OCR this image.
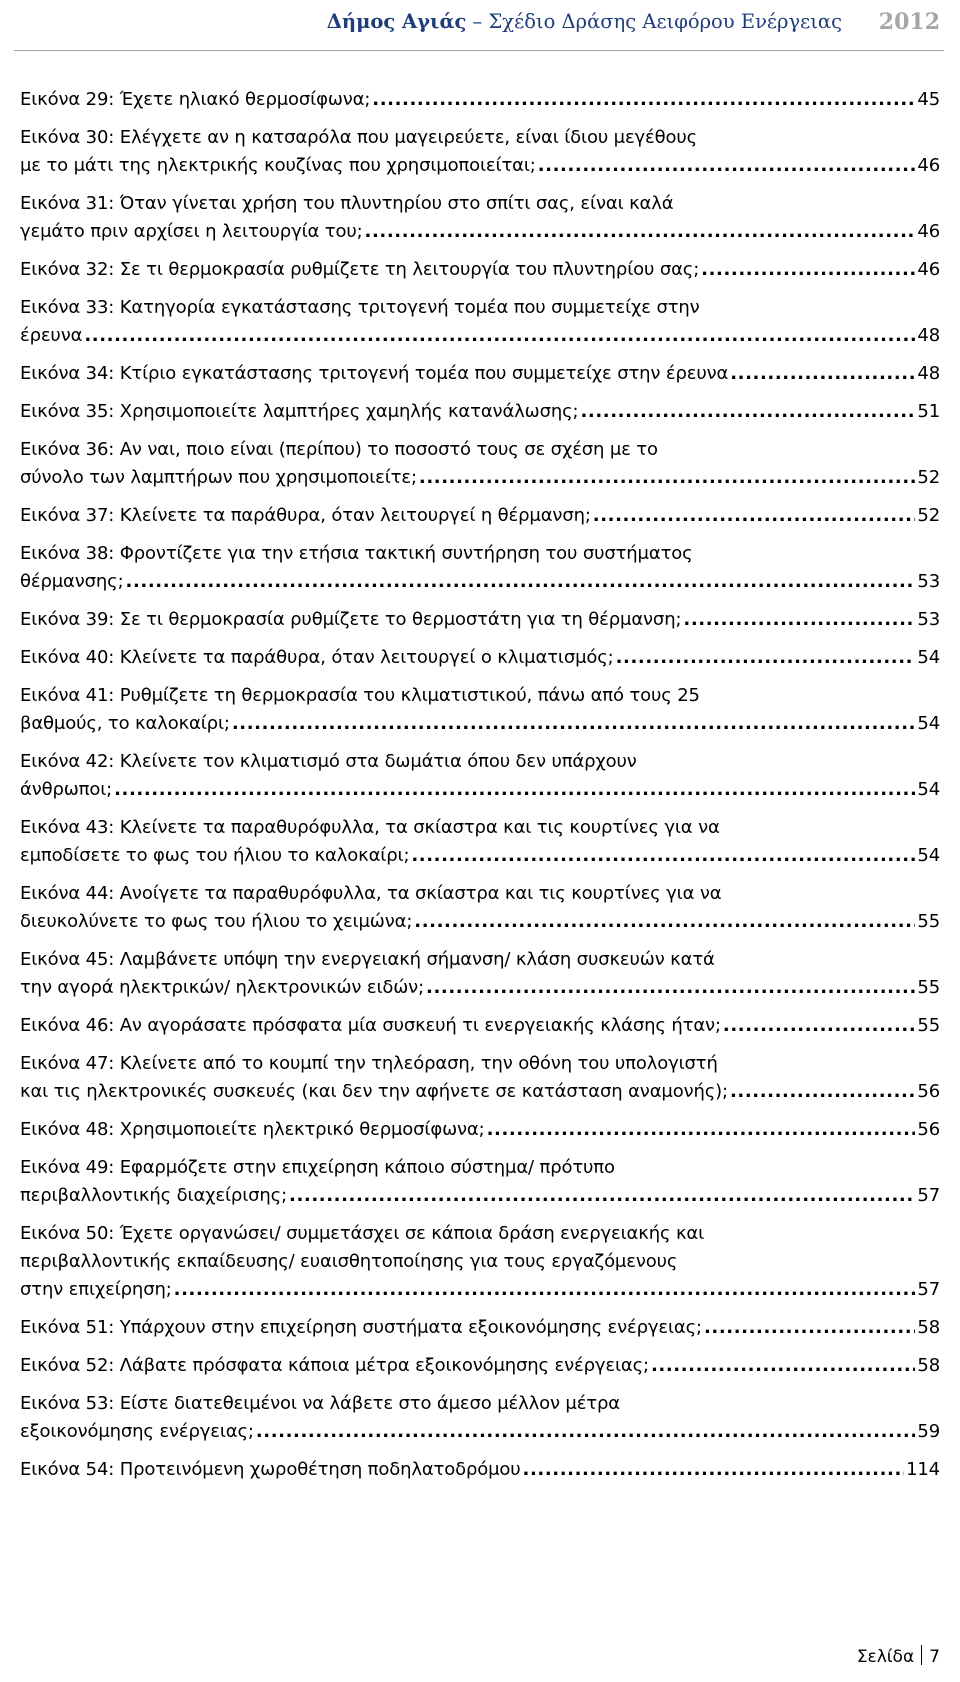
Δήμος Αγιάς – Σχέδιο Δράσης Αειφόρου Ενέργειας 2012
Εικόνα 29: Έχετε ηλιακό θερμοσίφωνα; .....	45
Εικόνα 30: Ελέγχετε αν η κατσαρόλα που μαγειρεύετε, είναι ίδιου μεγέθους
με το μάτι της ηλεκτρικής κουζίνας που χρησιμοποιείται; .....	46
Εικόνα 31: Όταν γίνεται χρήση του πλυντηρίου στο σπίτι σας, είναι καλά
γεμάτο πριν αρχίσει η λειτουργία του; .....	46
Εικόνα 32: Σε τι θερμοκρασία ρυθμίζετε τη λειτουργία του πλυντηρίου σας; .....	46
Εικόνα 33: Κατηγορία εγκατάστασης τριτογενή τομέα που συμμετείχε στην
έρευνα .....	48
Εικόνα 34: Κτίριο εγκατάστασης τριτογενή τομέα που συμμετείχε στην έρευνα .....	48
Εικόνα 35: Χρησιμοποιείτε λαμπτήρες χαμηλής κατανάλωσης; .....	51
Εικόνα 36: Αν ναι, ποιο είναι (περίπου) το ποσοστό τους σε σχέση με το
σύνολο των λαμπτήρων που χρησιμοποιείτε; .....	52
Εικόνα 37: Κλείνετε τα παράθυρα, όταν λειτουργεί η θέρμανση; .....	52
Εικόνα 38: Φροντίζετε για την ετήσια τακτική συντήρηση του συστήματος
θέρμανσης; .....	53
Εικόνα 39: Σε τι θερμοκρασία ρυθμίζετε το θερμοστάτη για τη θέρμανση; .....	53
Εικόνα 40: Κλείνετε τα παράθυρα, όταν λειτουργεί ο κλιματισμός; .....	54
Εικόνα 41: Ρυθμίζετε τη θερμοκρασία του κλιματιστικού, πάνω από τους 25
βαθμούς, το καλοκαίρι; .....	54
Εικόνα 42: Κλείνετε τον κλιματισμό στα δωμάτια όπου δεν υπάρχουν
άνθρωποι; .....	54
Εικόνα 43: Κλείνετε τα παραθυρόφυλλα, τα σκίαστρα και τις κουρτίνες για να
εμποδίσετε το φως του ήλιου το καλοκαίρι; .....	54
Εικόνα 44: Ανοίγετε τα παραθυρόφυλλα, τα σκίαστρα και τις κουρτίνες για να
διευκολύνετε το φως του ήλιου το χειμώνα; .....	55
Εικόνα 45: Λαμβάνετε υπόψη την ενεργειακή σήμανση/ κλάση συσκευών κατά
την αγορά ηλεκτρικών/ ηλεκτρονικών ειδών; .....	55
Εικόνα 46: Αν αγοράσατε πρόσφατα μία συσκευή τι ενεργειακής κλάσης ήταν; .....	55
Εικόνα 47: Κλείνετε από το κουμπί την τηλεόραση, την οθόνη του υπολογιστή
και τις ηλεκτρονικές συσκευές (και δεν την αφήνετε σε κατάσταση αναμονής); .....	56
Εικόνα 48: Χρησιμοποιείτε ηλεκτρικό θερμοσίφωνα; .....	56
Εικόνα 49: Εφαρμόζετε στην επιχείρηση κάποιο σύστημα/ πρότυπο
περιβαλλοντικής διαχείρισης; .....	57
Εικόνα 50: Έχετε οργανώσει/ συμμετάσχει σε κάποια δράση ενεργειακής και
περιβαλλοντικής εκπαίδευσης/ ευαισθητοποίησης για τους εργαζόμενους
στην επιχείρηση; .....	57
Εικόνα 51: Υπάρχουν στην επιχείρηση συστήματα εξοικονόμησης ενέργειας; .....	58
Εικόνα 52: Λάβατε πρόσφατα κάποια μέτρα εξοικονόμησης ενέργειας; .....	58
Εικόνα 53: Είστε διατεθειμένοι να λάβετε στο άμεσο μέλλον μέτρα
εξοικονόμησης ενέργειας; .....	59
Εικόνα 54: Προτεινόμενη χωροθέτηση ποδηλατοδρόμου .....	114
Σελίδα 7
